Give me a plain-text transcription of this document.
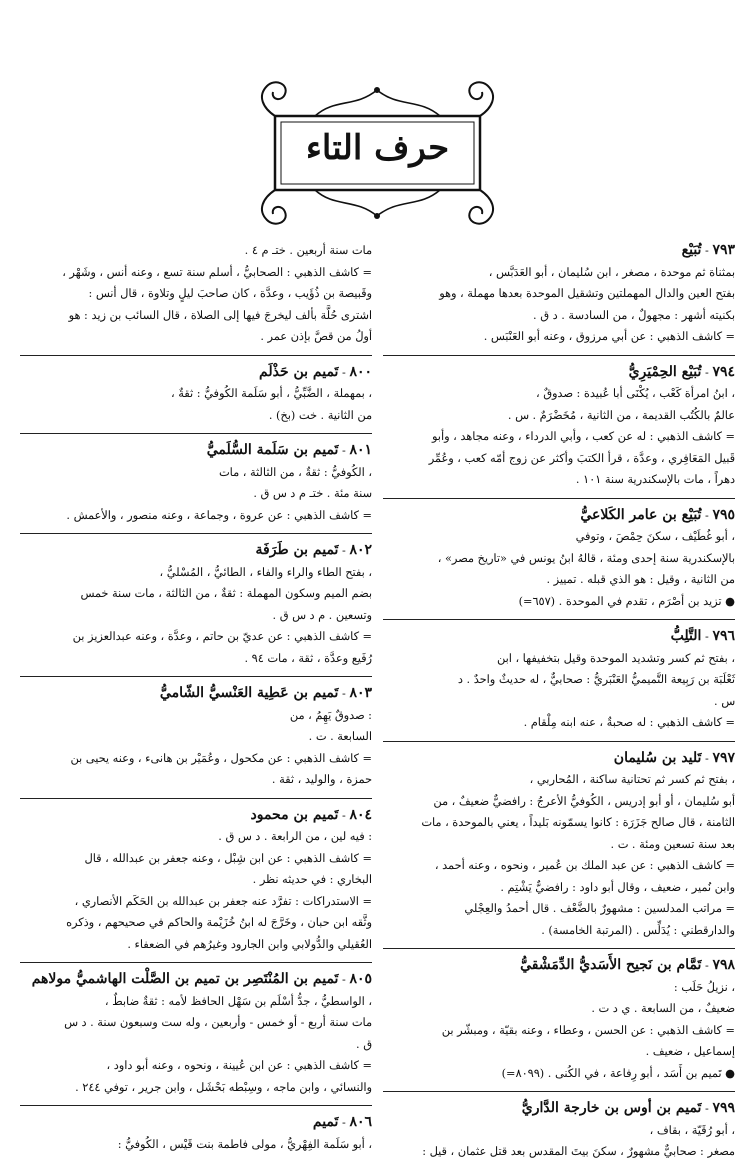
حرف التاء
٧٩٣ - تُبَيْع
بمثناة ثم موحدة ، مصغر ، ابن سُليمان ، أبو العَدَبَّس ،
بفتح العين والدال المهملتين وتشقيل الموحدة بعدها مهملة ، وهو
بكنيته أشهر : مجهولٌ ، من السادسة . د ق .
= كاشف الذهبي : عن أبي مرزوق ، وعنه أبو العَنْبَس .
٧٩٤ - تُبَيْع الحِمْيَرِيُّ
، ابنُ امرأة كَعْب ، يُكْنَى أبا عُبيدة : صدوقٌ ،
عالمٌ بالكُتُب القديمة ، من الثانية ، مُخَضْرَمٌ . س .
= كاشف الذهبي : له عن كعب ، وأبي الدرداء ، وعنه مجاهد ، وأبو
قَبيل المَعَافِري ، وعدَّة ، قرأ الكتبَ وأكثر عن زوج أمّه كعب ، وعُمِّر
دهراً ، مات بالإسكندرية سنة ١٠١ .
٧٩٥ - تُبَيْع بن عامر الكَلاعيُّ
، أبو غُطَيْف ، سكنَ حِمْصَ ، وتوفي
بالإسكندرية سنة إحدى ومئة ، قالهُ ابنُ يونس في «تاريخ مصر» ،
من الثانية ، وقيل : هو الذي قبله . تمييز .
● تزيد بن أصْرَم ، تقدم في الموحدة . (٦٥٧=)
٧٩٦ - التَّلِبُّ
، بفتح ثم كسر وتشديد الموحدة وقيل بتخفيفها ، ابن
ثَعْلَبَة بن رَبِيعة التَّميميُّ العَنْبَريُّ : صحابيٌّ ، له حديثٌ واحدٌ . د
س .
= كاشف الذهبي : له صحبةٌ ، عنه ابنه مِلْقام .
٧٩٧ - تَليد بن سُليمان
، بفتح ثم كسر ثم تحتانية ساكنة ، المُحاربي ،
أبو سُليمان ، أو أبو إدريس ، الكُوفيُّ الأعرجُ : رافضيٌّ ضعيفٌ ، من
الثامنة ، قال صالح جَزَرَة : كانوا يسمّونه بَليداً ، يعني بالموحدة ، مات
بعد سنة تسعين ومئة . ت .
= كاشف الذهبي : عن عبد الملك بن عُمير ، ونحوه ، وعنه أحمد ،
وابن نُمير ، ضعيف ، وقال أبو داود : رافضيٌّ يَشْتِم .
= مراتب المدلسين : مشهورٌ بالضَّعْف . قال أحمدُ والعِجْلي
والدارقطني : يُدَلِّس . (المرتبة الخامسة) .
٧٩٨ - تَمَّام بن نَجيح الأَسَديُّ الدِّمَشْقيُّ
، نزيلُ حَلَب :
ضعيفٌ ، من السابعة . ي د ت .
= كاشف الذهبي : عن الحسن ، وعطاء ، وعنه بقيّة ، ومبشّر بن
إسماعيل ، ضعيف .
● تَميم بن أَسَد ، أبو رِفاعة ، في الكُنى . (٨٠٩٩=)
٧٩٩ - تَميم بن أوس بن خارجة الدَّاريُّ
، أبو رُقَيّة ، بقاف ،
مصغر : صحابيٌّ مشهورٌ ، سكنَ بيتَ المقدس بعد قتل عثمان ، قيل :
مات سنة أربعين . ختـ م ٤ .
= كاشف الذهبي : الصحابيُّ ، أسلم سنة تسع ، وعنه أنس ، وشَهْر ،
وقَبيصة بن ذُؤَيب ، وعدَّة ، كان صاحبَ ليلٍ وتلاوة ، قال أنس :
اشترى حُلَّة بألف ليخرجَ فيها إلى الصلاة ، قال السائب بن زيد : هو
أولُ من قصَّ بإذن عمر .
٨٠٠ - تَميم بن حَذْلَم
، بمهملة ، الضَّبِّيُّ ، أبو سَلَمة الكُوفيُّ : ثقةٌ ،
من الثانية . خت (بخ) .
٨٠١ - تَميم بن سَلَمة السُّلَميُّ
، الكُوفيُّ : ثقةٌ ، من الثالثة ، مات
سنة مئة . ختـ م د س ق .
= كاشف الذهبي : عن عروة ، وجماعة ، وعنه منصور ، والأعمش .
٨٠٢ - تَميم بن طَرَفَة
، بفتح الطاء والراء والفاء ، الطائيُّ ، المُسْليُّ ،
بضم الميم وسكون المهملة : ثقةٌ ، من الثالثة ، مات سنة خمس
وتسعين . م د س ق .
= كاشف الذهبي : عن عديّ بن حاتم ، وعدَّة ، وعنه عبدالعزيز بن
رُفَيع وعدَّة ، ثقة ، مات ٩٤ .
٨٠٣ - تَميم بن عَطِية العَنْسيُّ الشّاميُّ
: صدوقٌ يَهِمُ ، من
السابعة . ت .
= كاشف الذهبي : عن مكحول ، وعُمَيْر بن هانىء ، وعنه يحيى بن
حمزة ، والوليد ، ثقة .
٨٠٤ - تَميم بن محمود
: فيه لين ، من الرابعة . د س ق .
= كاشف الذهبي : عن ابن شِبْل ، وعنه جعفر بن عبدالله ، قال
البخاري : في حديثه نظر .
= الاستدراكات : تفرَّد عنه جعفر بن عبدالله بن الحَكَم الأنصاري ،
وثَّقه ابن حبان ، وخَرَّجَ له ابنُ خُزَيْمة والحاكم في صحيحهم ، وذكره
العُقيلي والدُّولابي وابن الجارود وغيرُهم في الضعفاء .
٨٠٥ - تَميم بن المُنْتَصِر بن تميم بن الصَّلْت الهاشميُّ مولاهم
، الواسطيُّ ، جدُّ أسْلَم بن سَهْل الحافظ لأمه : ثقةٌ ضابطٌ ،
مات سنة أربع - أو خمس - وأربعين ، وله ست وسبعون سنة . د س
ق .
= كاشف الذهبي : عن ابن عُيينة ، ونحوه ، وعنه أبو داود ،
والنسائي ، وابن ماجه ، وسِبْطه بَحْشَل ، وابن جرير ، توفي ٢٤٤ .
٨٠٦ - تَميم
، أبو سَلَمة الفِهْريُّ ، مولى فاطمة بنت قَيْس ، الكُوفيُّ :
